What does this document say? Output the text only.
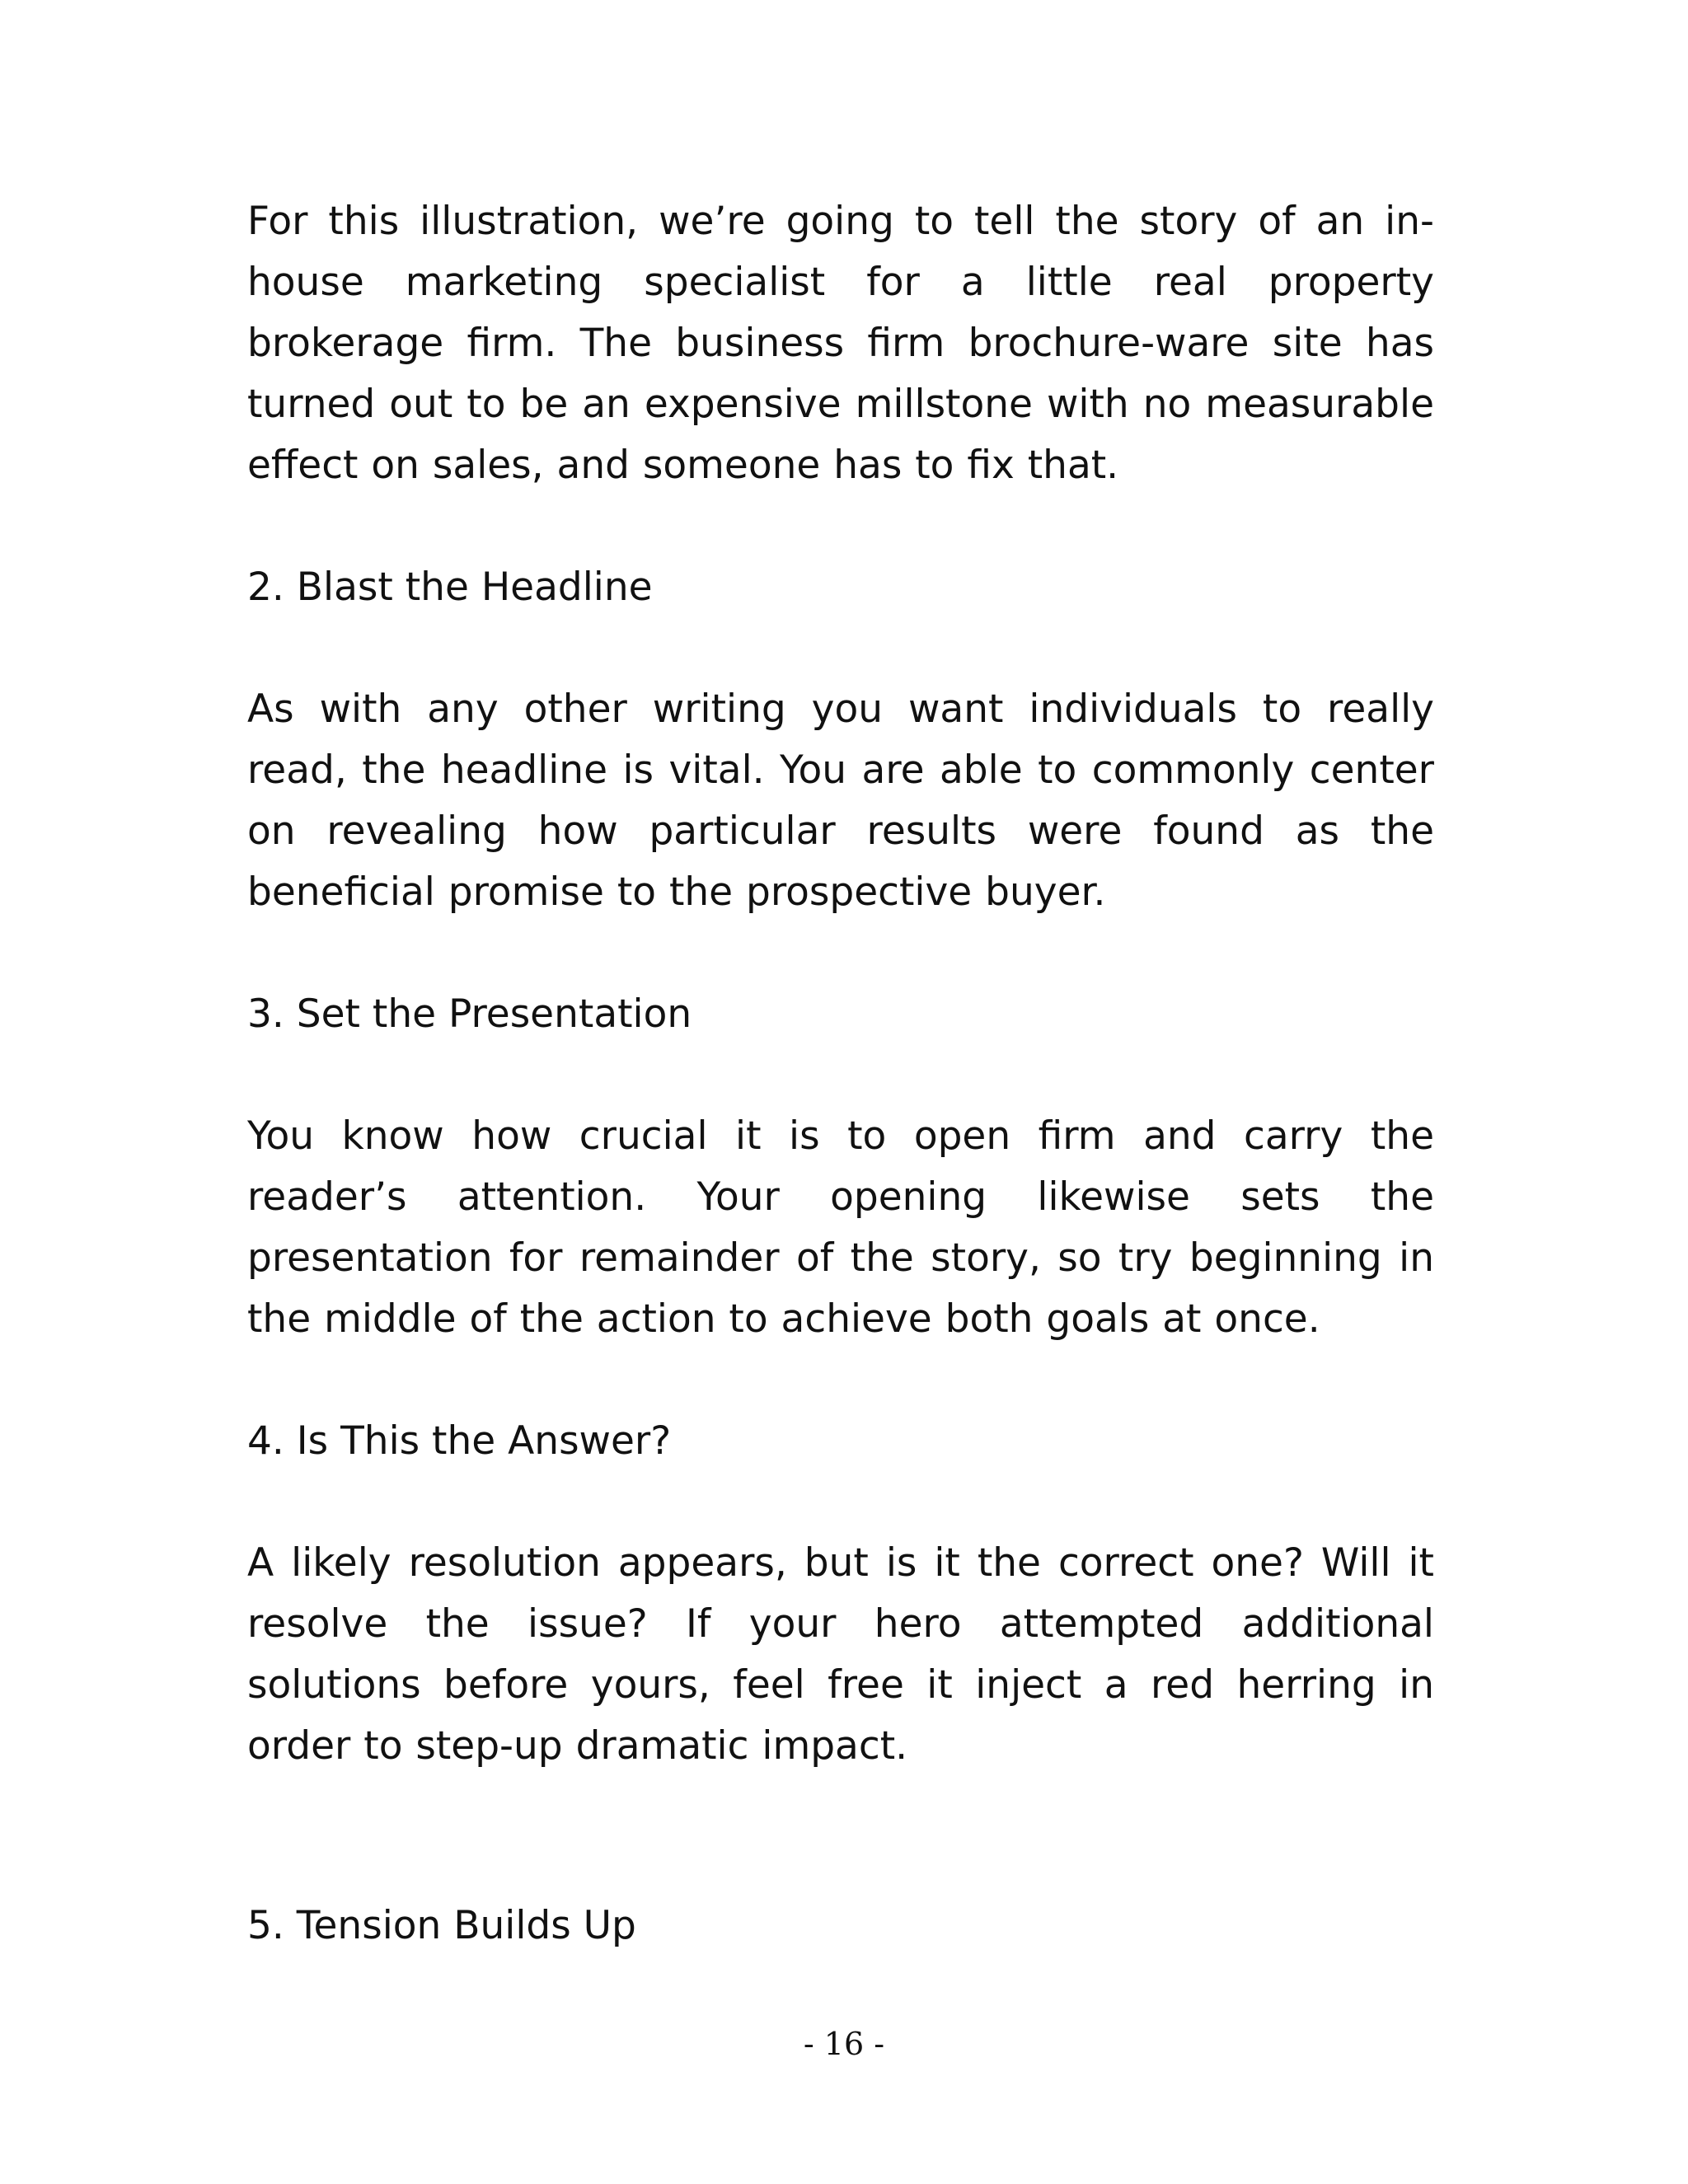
For this illustration, we’re going to tell the story of an in-house marketing specialist for a little real property brokerage firm. The business firm brochure-ware site has turned out to be an expensive millstone with no measurable effect on sales, and someone has to fix that.

2. Blast the Headline

As with any other writing you want individuals to really read, the headline is vital. You are able to commonly center on revealing how particular results were found as the beneficial promise to the prospective buyer.

3. Set the Presentation

You know how crucial it is to open firm and carry the reader’s attention. Your opening likewise sets the presentation for remainder of the story, so try beginning in the middle of the action to achieve both goals at once.

4. Is This the Answer?

A likely resolution appears, but is it the correct one? Will it resolve the issue? If your hero attempted additional solutions before yours, feel free it inject a red herring in order to step-up dramatic impact.

5. Tension Builds Up
- 16 -
